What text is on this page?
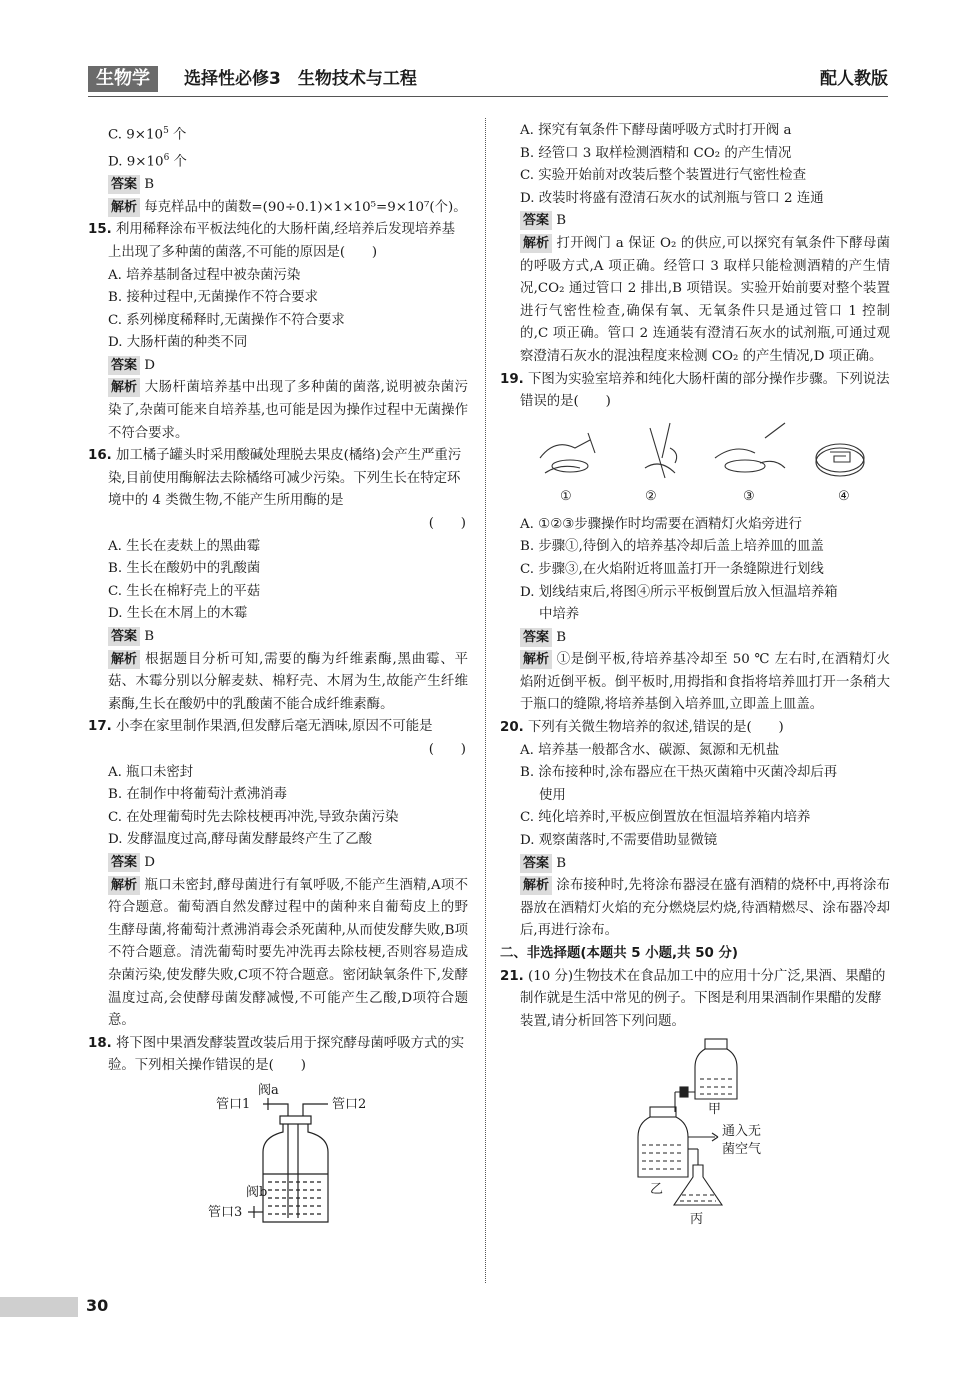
生物学	选择性必修3　生物技术与工程	配人教版
C. $9\times 10^5$ 个
D. $9\times 10^6$ 个
答案 B
解析 每克样品中的菌数=(90÷0.1)×1×10⁵=9×10⁷(个)。
15. 利用稀释涂布平板法纯化的大肠杆菌,经培养后发现培养基上出现了多种菌的菌落,不可能的原因是(　　)
A. 培养基制备过程中被杂菌污染
B. 接种过程中,无菌操作不符合要求
C. 系列梯度稀释时,无菌操作不符合要求
D. 大肠杆菌的种类不同
答案 D
解析 大肠杆菌培养基中出现了多种菌的菌落,说明被杂菌污染了,杂菌可能来自培养基,也可能是因为操作过程中无菌操作不符合要求。
16. 加工橘子罐头时采用酸碱处理脱去果皮(橘络)会产生严重污染,目前使用酶解法去除橘络可减少污染。下列生长在特定环境中的 4 类微生物,不能产生所用酶的是
(　　)
A. 生长在麦麸上的黑曲霉
B. 生长在酸奶中的乳酸菌
C. 生长在棉籽壳上的平菇
D. 生长在木屑上的木霉
答案 B
解析 根据题目分析可知,需要的酶为纤维素酶,黑曲霉、平菇、木霉分别以分解麦麸、棉籽壳、木屑为生,故能产生纤维素酶,生长在酸奶中的乳酸菌不能合成纤维素酶。
17. 小李在家里制作果酒,但发酵后毫无酒味,原因不可能是
(　　)
A. 瓶口未密封
B. 在制作中将葡萄汁煮沸消毒
C. 在处理葡萄时先去除枝梗再冲洗,导致杂菌污染
D. 发酵温度过高,酵母菌发酵最终产生了乙酸
答案 D
解析 瓶口未密封,酵母菌进行有氧呼吸,不能产生酒精,A项不符合题意。葡萄酒自然发酵过程中的菌种来自葡萄皮上的野生酵母菌,将葡萄汁煮沸消毒会杀死菌种,从而使发酵失败,B项不符合题意。清洗葡萄时要先冲洗再去除枝梗,否则容易造成杂菌污染,使发酵失败,C项不符合题意。密闭缺氧条件下,发酵温度过高,会使酵母菌发酵减慢,不可能产生乙酸,D项符合题意。
18. 将下图中果酒发酵装置改装后用于探究酵母菌呼吸方式的实验。下列相关操作错误的是(　　)
阀a
管口1	管口2
阀b
管口3
A. 探究有氧条件下酵母菌呼吸方式时打开阀 a
B. 经管口 3 取样检测酒精和 CO₂ 的产生情况
C. 实验开始前对改装后整个装置进行气密性检查
D. 改装时将盛有澄清石灰水的试剂瓶与管口 2 连通
答案 B
解析 打开阀门 a 保证 O₂ 的供应,可以探究有氧条件下酵母菌的呼吸方式,A 项正确。经管口 3 取样只能检测酒精的产生情况,CO₂ 通过管口 2 排出,B 项错误。实验开始前要对整个装置进行气密性检查,确保有氧、无氧条件只是通过管口 1 控制的,C 项正确。管口 2 连通装有澄清石灰水的试剂瓶,可通过观察澄清石灰水的混浊程度来检测 CO₂ 的产生情况,D 项正确。
19. 下图为实验室培养和纯化大肠杆菌的部分操作步骤。下列说法错误的是(　　)
①	②	③	④
A. ①②③步骤操作时均需要在酒精灯火焰旁进行
B. 步骤①,待倒入的培养基冷却后盖上培养皿的皿盖
C. 步骤③,在火焰附近将皿盖打开一条缝隙进行划线
D. 划线结束后,将图④所示平板倒置后放入恒温培养箱
中培养
答案 B
解析 ①是倒平板,待培养基冷却至 50 ℃ 左右时,在酒精灯火焰附近倒平板。倒平板时,用拇指和食指将培养皿打开一条稍大于瓶口的缝隙,将培养基倒入培养皿,立即盖上皿盖。
20. 下列有关微生物培养的叙述,错误的是(　　)
A. 培养基一般都含水、碳源、氮源和无机盐
B. 涂布接种时,涂布器应在干热灭菌箱中灭菌冷却后再
使用
C. 纯化培养时,平板应倒置放在恒温培养箱内培养
D. 观察菌落时,不需要借助显微镜
答案 B
解析 涂布接种时,先将涂布器浸在盛有酒精的烧杯中,再将涂布器放在酒精灯火焰的充分燃烧层灼烧,待酒精燃尽、涂布器冷却后,再进行涂布。
二、非选择题(本题共 5 小题,共 50 分)
21. (10 分)生物技术在食品加工中的应用十分广泛,果酒、果醋的制作就是生活中常见的例子。下图是利用果酒制作果醋的发酵装置,请分析回答下列问题。
甲
通入无
菌空气
乙
丙
30
